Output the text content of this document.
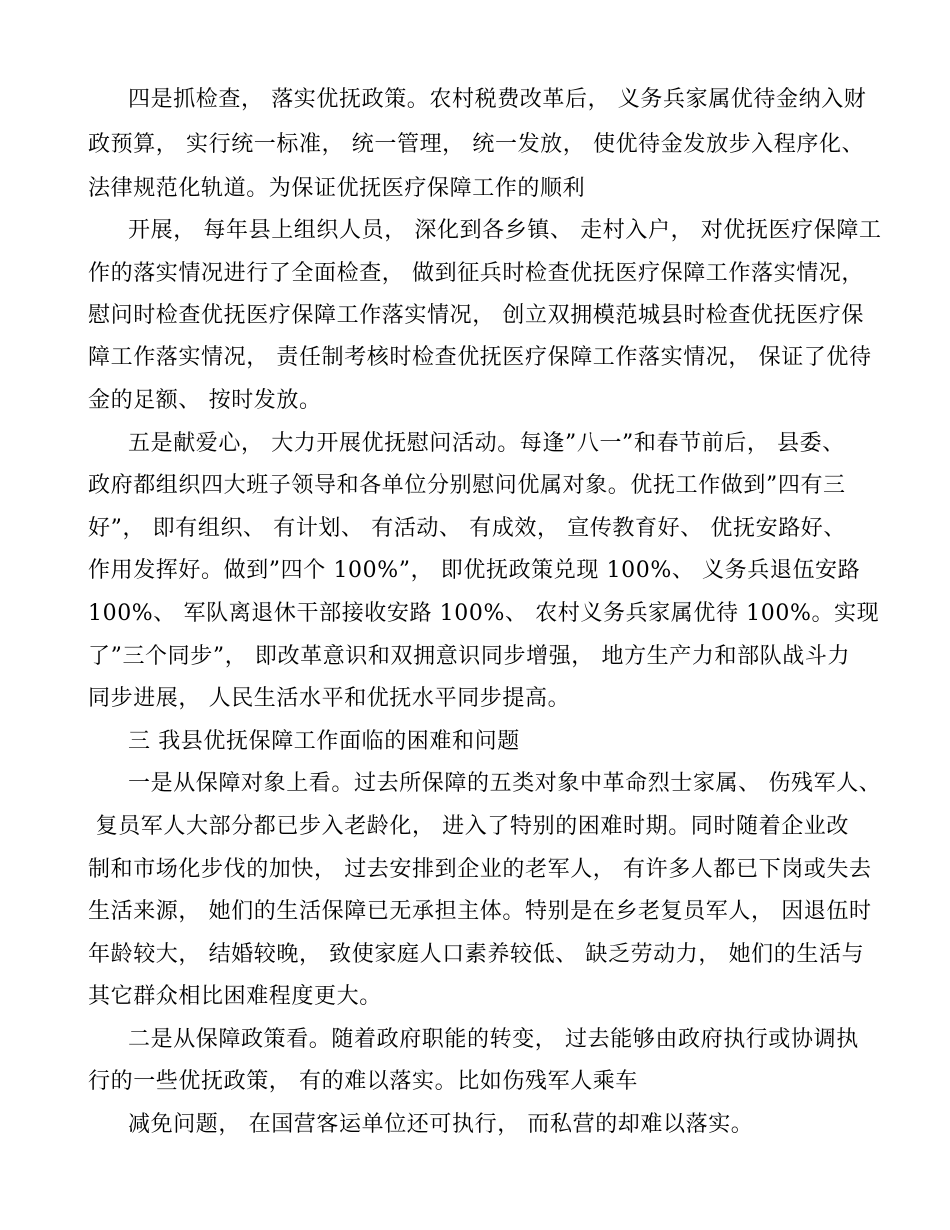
四是抓检查， 落实优抚政策。农村税费改革后， 义务兵家属优待金纳入财
政预算， 实行统一标准， 统一管理， 统一发放， 使优待金发放步入程序化、
法律规范化轨道。为保证优抚医疗保障工作的顺利
开展， 每年县上组织人员， 深化到各乡镇、 走村入户， 对优抚医疗保障工
作的落实情况进行了全面检查， 做到征兵时检查优抚医疗保障工作落实情况，
慰问时检查优抚医疗保障工作落实情况， 创立双拥模范城县时检查优抚医疗保
障工作落实情况， 责任制考核时检查优抚医疗保障工作落实情况， 保证了优待
金的足额、 按时发放。
五是献爱心， 大力开展优抚慰问活动。每逢”八一”和春节前后， 县委、
政府都组织四大班子领导和各单位分别慰问优属对象。优抚工作做到”四有三
好”， 即有组织、 有计划、 有活动、 有成效， 宣传教育好、 优抚安路好、
作用发挥好。做到”四个 100%”， 即优抚政策兑现 100%、 义务兵退伍安路
100%、 军队离退休干部接收安路 100%、 农村义务兵家属优待 100%。实现
了”三个同步”， 即改革意识和双拥意识同步增强， 地方生产力和部队战斗力
同步进展， 人民生活水平和优抚水平同步提高。
三 我县优抚保障工作面临的困难和问题
一是从保障对象上看。过去所保障的五类对象中革命烈士家属、 伤残军人、
复员军人大部分都已步入老龄化， 进入了特别的困难时期。同时随着企业改
制和市场化步伐的加快， 过去安排到企业的老军人， 有许多人都已下岗或失去
生活来源， 她们的生活保障已无承担主体。特别是在乡老复员军人， 因退伍时
年龄较大， 结婚较晚， 致使家庭人口素养较低、 缺乏劳动力， 她们的生活与
其它群众相比困难程度更大。
二是从保障政策看。随着政府职能的转变， 过去能够由政府执行或协调执
行的一些优抚政策， 有的难以落实。比如伤残军人乘车
减免问题， 在国营客运单位还可执行， 而私营的却难以落实。
